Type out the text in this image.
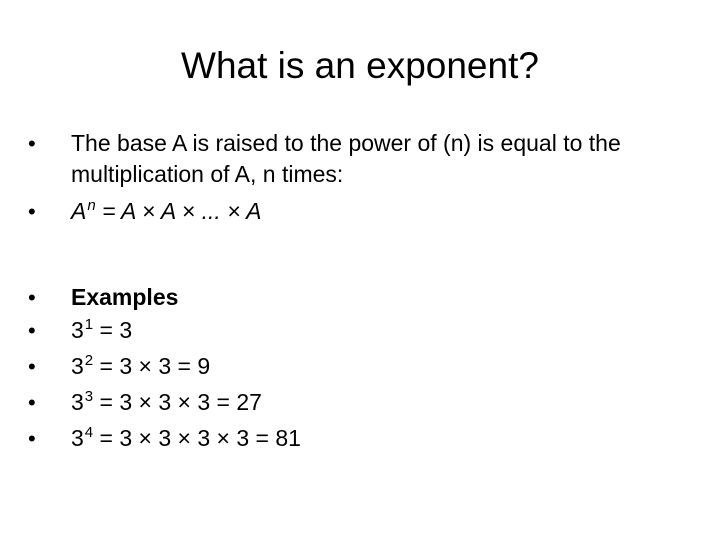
What is an exponent?
•	The base A is raised to the power of (n) is equal to the multiplication of A, n times:
•	$A^n = A \times A$ × ... × A
•	Examples
•	$3^1 = 3$
•	$3^2 = 3 \times 3 = 9$
•	$3^3 = 3 \times 3 \times 3 = 27$
•	$3^4 = 3 \times 3 \times 3 \times 3 = 81$
